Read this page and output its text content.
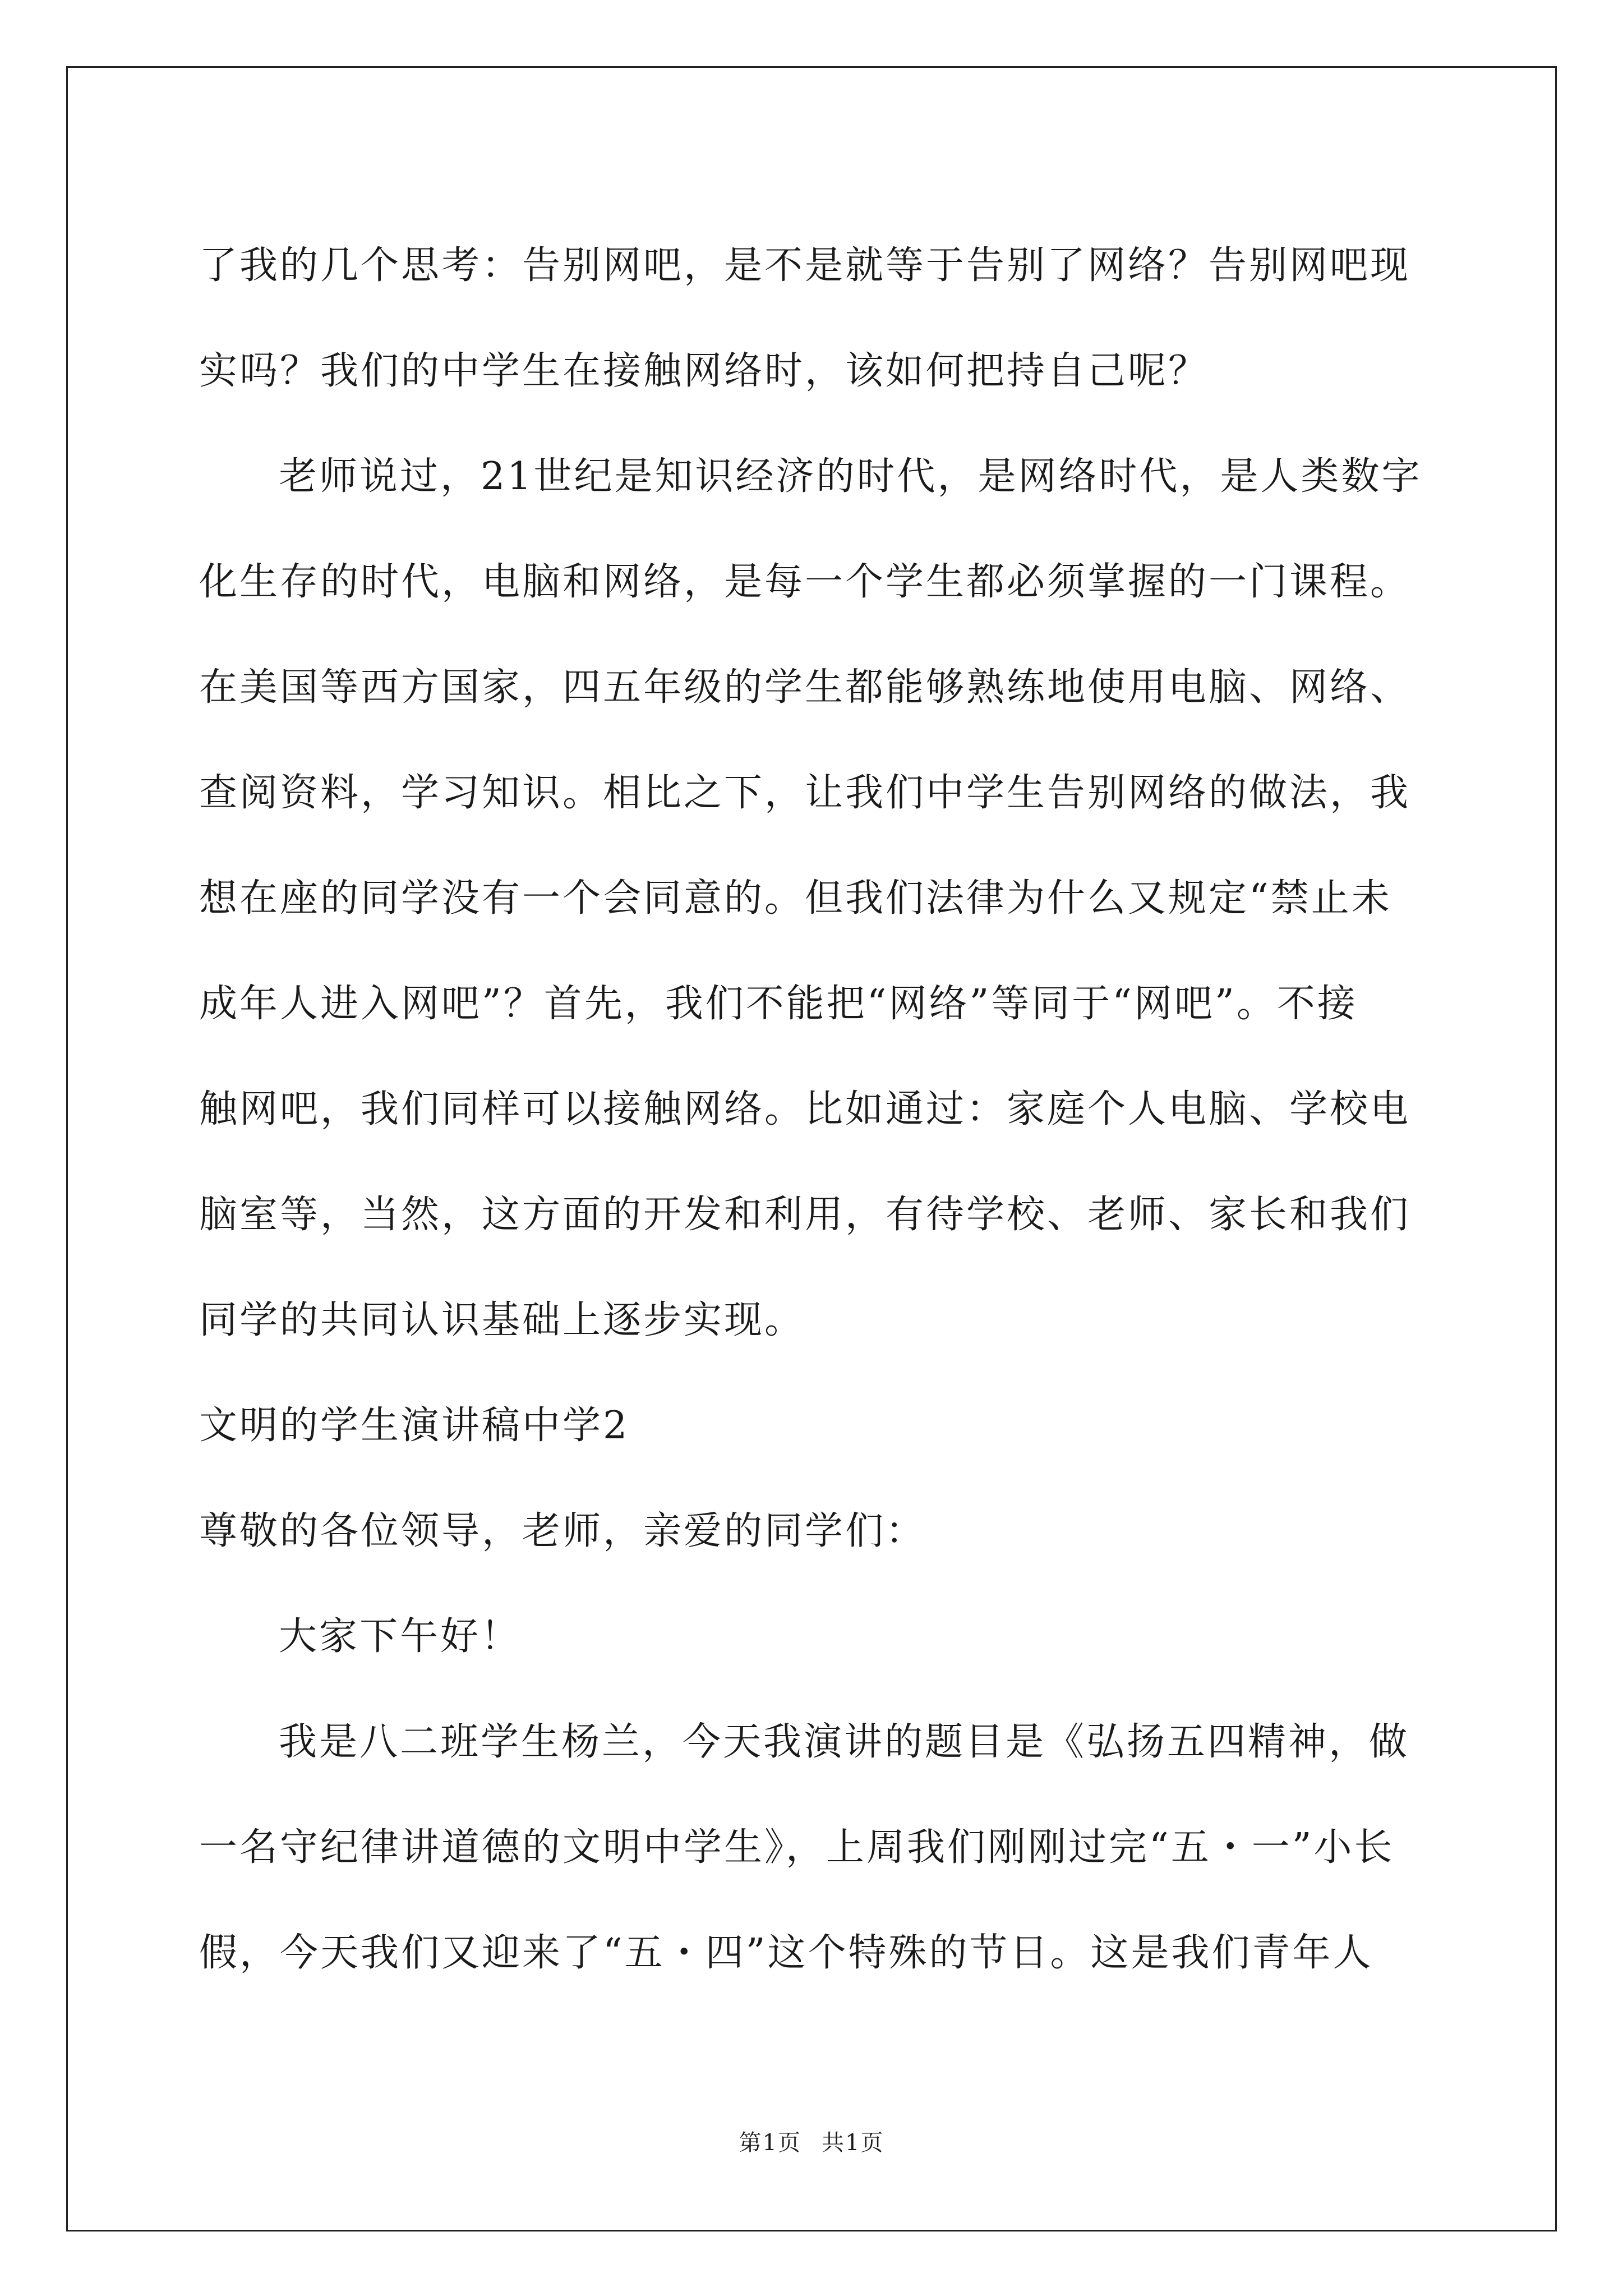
了我的几个思考：告别网吧，是不是就等于告别了网络？告别网吧现
实吗？我们的中学生在接触网络时，该如何把持自己呢？
老师说过，21世纪是知识经济的时代，是网络时代，是人类数字
化生存的时代，电脑和网络，是每一个学生都必须掌握的一门课程。
在美国等西方国家，四五年级的学生都能够熟练地使用电脑、网络、
查阅资料，学习知识。相比之下，让我们中学生告别网络的做法，我
想在座的同学没有一个会同意的。但我们法律为什么又规定“禁止未
成年人进入网吧”？首先，我们不能把“网络”等同于“网吧”。不接
触网吧，我们同样可以接触网络。比如通过：家庭个人电脑、学校电
脑室等，当然，这方面的开发和利用，有待学校、老师、家长和我们
同学的共同认识基础上逐步实现。
文明的学生演讲稿中学2
尊敬的各位领导，老师，亲爱的同学们：
大家下午好！
我是八二班学生杨兰，今天我演讲的题目是《弘扬五四精神，做
一名守纪律讲道德的文明中学生》，上周我们刚刚过完“五・一”小长
假，今天我们又迎来了“五・四”这个特殊的节日。这是我们青年人
第1页 共1页
